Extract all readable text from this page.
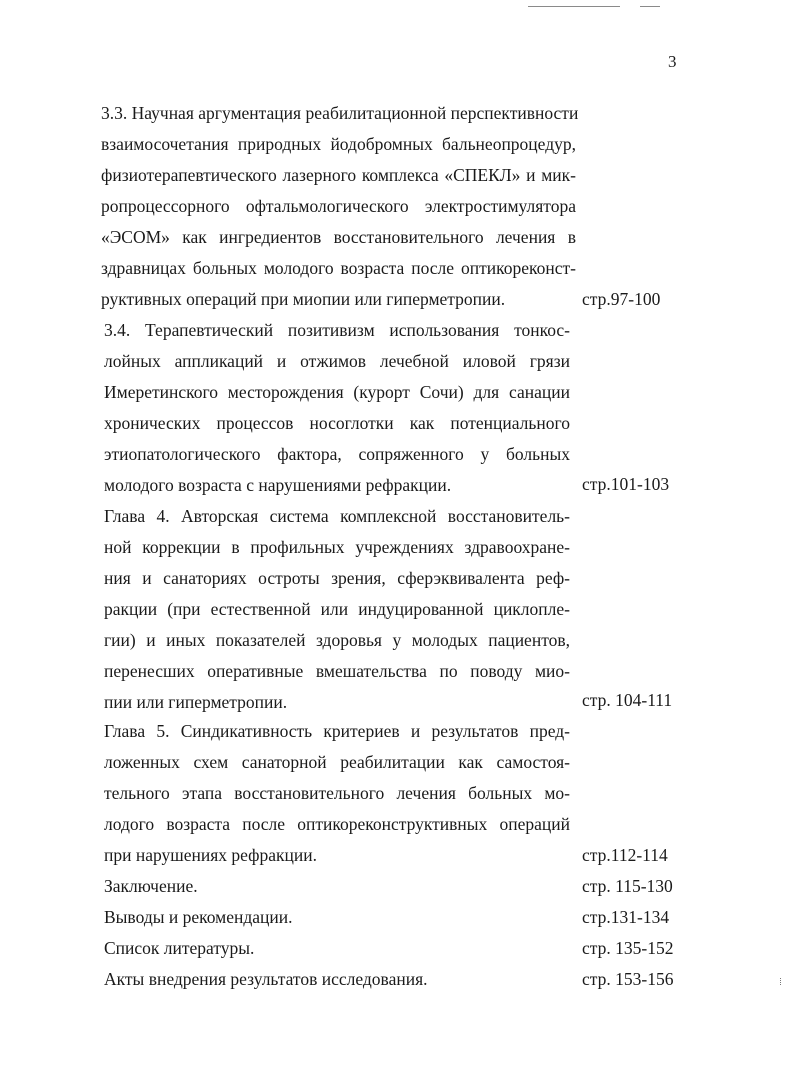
3
3.3. Научная аргументация реабилитационной перспективности
взаимосочетания природных йодобромных бальнеопроцедур,
физиотерапевтического лазерного комплекса «СПЕКЛ» и мик-
ропроцессорного офтальмологического электростимулятора
«ЭСОМ» как ингредиентов восстановительного лечения в
здравницах больных молодого возраста после оптикореконст-
руктивных операций при миопии или гиперметропии.	стр.97-100
3.4. Терапевтический позитивизм использования тонкос-
лойных аппликаций и отжимов лечебной иловой грязи
Имеретинского месторождения (курорт Сочи) для санации
хронических процессов носоглотки как потенциального
этиопатологического фактора, сопряженного у больных
молодого возраста с нарушениями рефракции.	стр.101-103
Глава 4. Авторская система комплексной восстановитель-
ной коррекции в профильных учреждениях здравоохране-
ния и санаториях остроты зрения, сферэквивалента реф-
ракции (при естественной или индуцированной циклопле-
гии) и иных показателей здоровья у молодых пациентов,
перенесших оперативные вмешательства по поводу мио-
пии или гиперметропии.	стр. 104-111
Глава 5. Синдикативность критериев и результатов пред-
ложенных схем санаторной реабилитации как самостоя-
тельного этапа восстановительного лечения больных мо-
лодого возраста после оптикореконструктивных операций
при нарушениях рефракции.	стр.112-114
Заключение.	стр. 115-130
Выводы и рекомендации.	стр.131-134
Список литературы.	стр. 135-152
Акты внедрения результатов исследования.	стр. 153-156
